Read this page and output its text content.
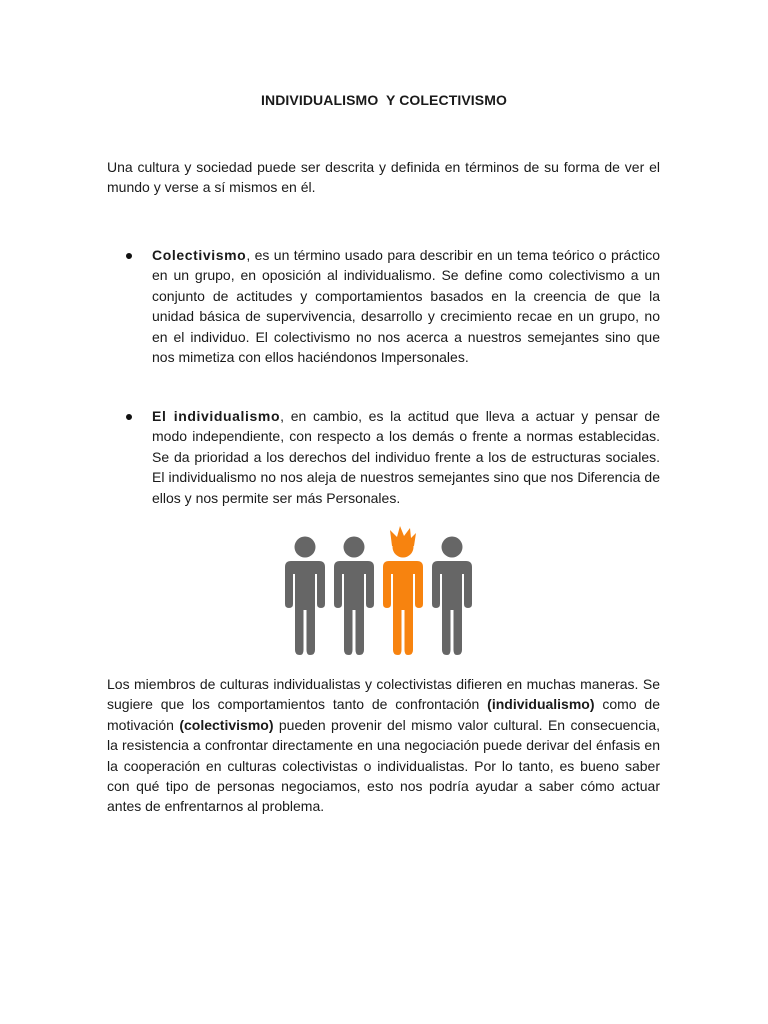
INDIVIDUALISMO  Y COLECTIVISMO

Una cultura y sociedad puede ser descrita y definida en términos de su forma de ver el mundo y verse a sí mismos en él.

Colectivismo, es un término usado para describir en un tema teórico o práctico en un grupo, en oposición al individualismo. Se define como colectivismo a un conjunto de actitudes y comportamientos basados en la creencia de que la unidad básica de supervivencia, desarrollo y crecimiento recae en un grupo, no en el individuo. El colectivismo no nos acerca a nuestros semejantes sino que nos mimetiza con ellos haciéndonos Impersonales.

El individualismo, en cambio, es la actitud que lleva a actuar y pensar de modo independiente, con respecto a los demás o frente a normas establecidas. Se da prioridad a los derechos del individuo frente a los de estructuras sociales. El individualismo no nos aleja de nuestros semejantes sino que nos Diferencia de ellos y nos permite ser más Personales.

Los miembros de culturas individualistas y colectivistas difieren en muchas maneras. Se sugiere que los comportamientos tanto de confrontación (individualismo) como de motivación (colectivismo) pueden provenir del mismo valor cultural. En consecuencia, la resistencia a confrontar directamente en una negociación puede derivar del énfasis en la cooperación en culturas colectivistas o individualistas. Por lo tanto, es bueno saber con qué tipo de personas negociamos, esto nos podría ayudar a saber cómo actuar antes de enfrentarnos al problema.
